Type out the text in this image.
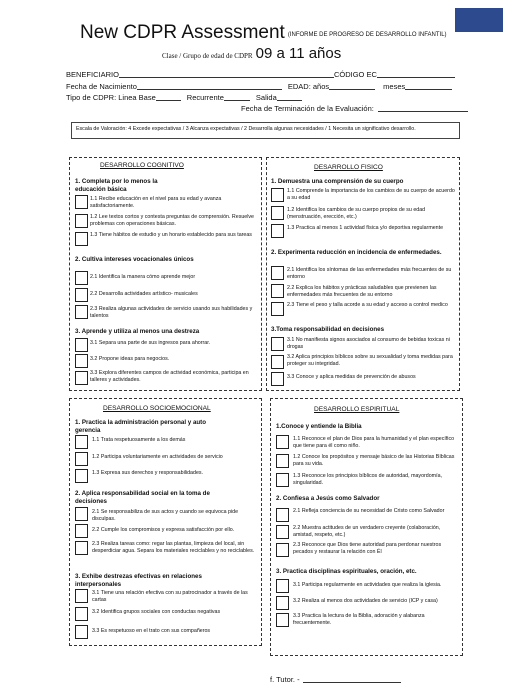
New CDPR Assessment (INFORME DE PROGRESO DE DESARROLLO INFANTIL)
Clase / Grupo de edad de CDPR 09 a 11 años
BENEFICIARIO	CÓDIGO EC
Fecha de Nacimiento	EDAD: años	meses
Tipo de CDPR: Linea Base	Recurrente	Salida
Fecha de Terminación de la Evaluación:
Escala de Valoración: 4 Excede expectativas / 3 Alcanza expectativas / 2 Desarrolla algunas necesidades / 1 Necesita un significativo desarrollo.
DESARROLLO COGNITIVO
1. Completa por lo menos la educación básica
1.1 Recibe educación en el nivel para su edad y avanza satisfactoriamente.
1.2 Lee textos cortos y contesta preguntas de comprensión. Resuelve problemas con operaciones básicas.
1.3 Tiene hábitos de estudio y un horario establecido para sus tareas
2. Cultiva intereses vocacionales únicos
2.1 Identifica la manera cómo aprende mejor
2.2 Desarrolla actividades artístico- musicales
2.3 Realiza algunas actividades de servicio usando sus habilidades y talentos
3. Aprende y utiliza al menos una destreza
3.1 Separa una parte de sus ingresos para ahorrar.
3.2 Propone ideas para negocios.
3.3 Explora diferentes campos de actividad económica, participa en talleres y actividades.
DESARROLLO FISICO
1. Demuestra una comprensión de su cuerpo
1.1 Comprende la importancia de los cambios de su cuerpo de acuerdo a su edad
1.2 Identifica los cambios de su cuerpo propios de su edad (menstruación, erección, etc.)
1.3 Practica al menos 1 actividad física y/o deportiva regularmente
2. Experimenta reducción en incidencia de enfermedades.
2.1 Identifica los síntomas de las enfermedades más frecuentes de su entorno
2.2 Explica los hábitos y prácticas saludables que previenen las enfermedades más frecuentes de su entorno
2.3 Tiene el peso y talla acorde a su edad y acceso a control medico
3.Toma responsabilidad en decisiones
3.1 No manifiesta signos asociados al consumo de bebidas toxicas ni drogas
3.2 Aplica principios bíblicos sobre su sexualidad y toma medidas para proteger su integridad.
3.3 Conoce y aplica medidas de prevención de abusos
DESARROLLO SOCIOEMOCIONAL
1. Practica la administración personal y auto gerencia
1.1 Trata respetuosamente a los demás
1.2 Participa voluntariamente en actividades de servicio
1.3 Expresa sus derechos y responsabilidades.
2. Aplica responsabilidad social en la toma de decisiones
2.1 Se responsabiliza de sus actos y cuando se equivoca pide disculpas.
2.2 Cumple los compromisos y expresa satisfacción por ello.
2.3 Realiza tareas como: regar las plantas, limpieza del local, sin desperdiciar agua. Separa los materiales reciclables y no reciclables.
3. Exhibe destrezas efectivas en relaciones interpersonales
3.1 Tiene una relación efectiva con su patrocinador a través de las cartas
3.2 Identifica grupos sociales con conductas negativas
3.3 Es respetuoso en el trato con sus compañeros
DESARROLLO ESPIRITUAL
1.Conoce y entiende la Biblia
1.1 Reconoce el plan de Dios para la humanidad y el plan específico que tiene para él como niño.
1.2 Conoce los propósitos y mensaje básico de las Historias Bíblicas para su vida.
1.3 Reconoce los principios bíblicos de autoridad, mayordomía, singularidad.
2. Confiesa a Jesús como Salvador
2.1 Refleja conciencia de su necesidad de Cristo como Salvador
2.2 Muestra actitudes de un verdadero creyente (colaboración, amistad, respeto, etc.)
2.3 Reconoce que Dios tiene autoridad para perdonar nuestros pecados y restaurar la relación con Él
3. Practica disciplinas espirituales, oración, etc.
3.1 Participa regularmente en actividades que realiza la iglesia.
3.2 Realiza al menos dos actividades de servicio (ICP y casa)
3.3 Practica la lectura de la Biblia, adoración y alabanza frecuentemente.
f. Tutor. -
